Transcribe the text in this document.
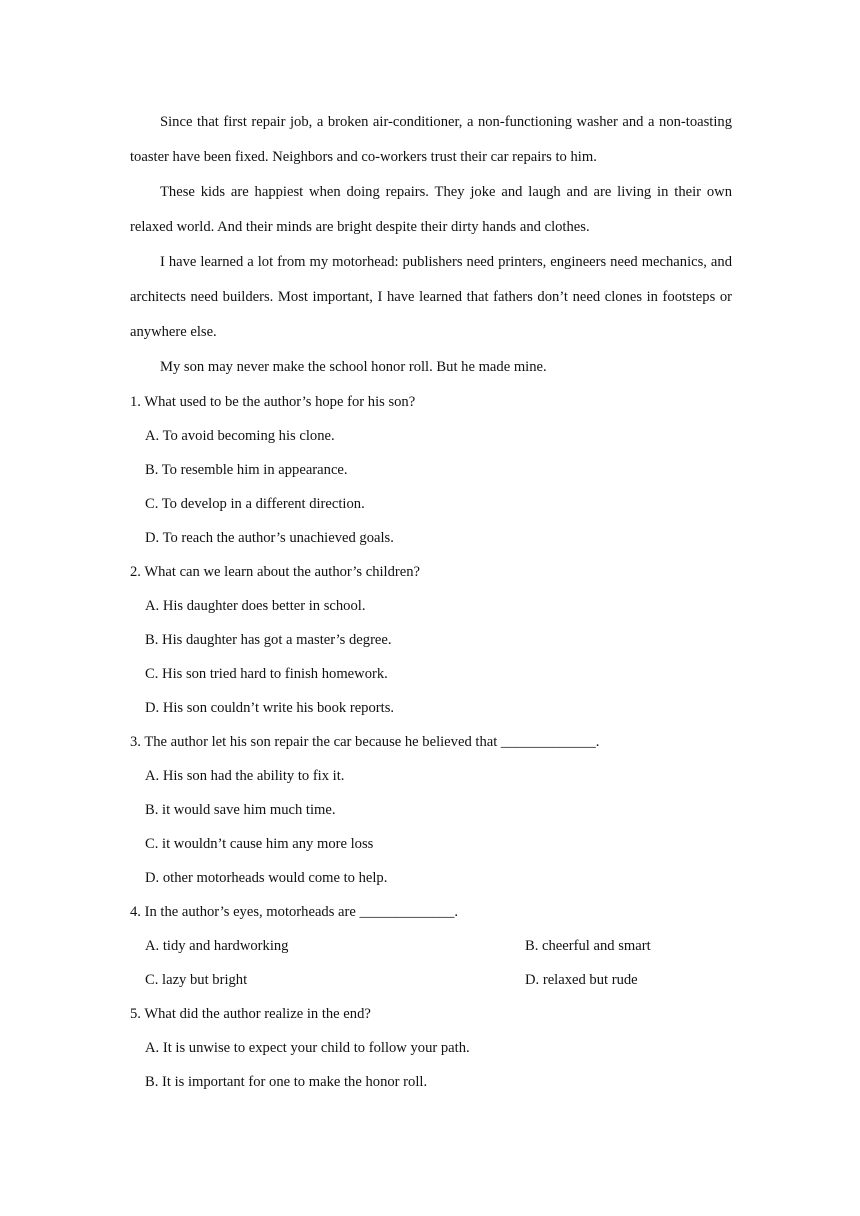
Since that first repair job, a broken air-conditioner, a non-functioning washer and a non-toasting toaster have been fixed. Neighbors and co-workers trust their car repairs to him.

These kids are happiest when doing repairs. They joke and laugh and are living in their own relaxed world. And their minds are bright despite their dirty hands and clothes.

I have learned a lot from my motorhead: publishers need printers, engineers need mechanics, and architects need builders. Most important, I have learned that fathers don’t need clones in footsteps or anywhere else.

My son may never make the school honor roll. But he made mine.

1. What used to be the author’s hope for his son?

A. To avoid becoming his clone.

B. To resemble him in appearance.

C. To develop in a different direction.

D. To reach the author’s unachieved goals.

2. What can we learn about the author’s children?

A. His daughter does better in school.

B. His daughter has got a master’s degree.

C. His son tried hard to finish homework.

D. His son couldn’t write his book reports.

3. The author let his son repair the car because he believed that _____________.

A. His son had the ability to fix it.

B. it would save him much time.

C. it wouldn’t cause him any more loss

D. other motorheads would come to help.

4. In the author’s eyes, motorheads are _____________.

A. tidy and hardworking	B. cheerful and smart
C. lazy but bright	D. relaxed but rude

5. What did the author realize in the end?

A. It is unwise to expect your child to follow your path.

B. It is important for one to make the honor roll.
